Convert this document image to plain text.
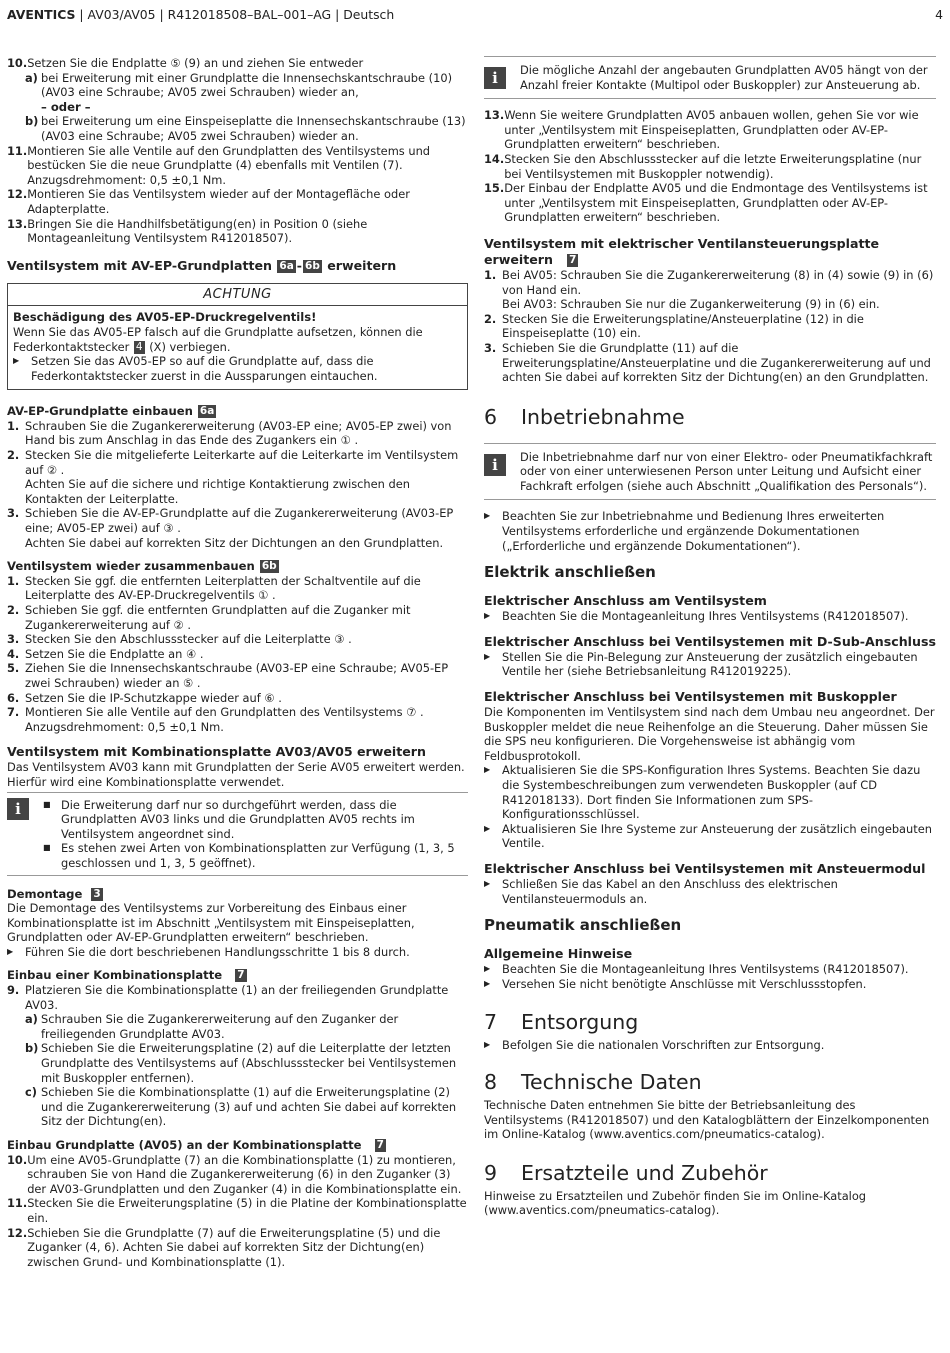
AVENTICS | AV03/AV05 | R412018508–BAL–001–AG | Deutsch	4
10. Setzen Sie die Endplatte ⑤ (9) an und ziehen Sie entweder
a) bei Erweiterung mit einer Grundplatte die Innensechskantschraube (10)
(AV03 eine Schraube; AV05 zwei Schrauben) wieder an,
– oder –
b) bei Erweiterung um eine Einspeiseplatte die Innensechskantschraube (13)
(AV03 eine Schraube; AV05 zwei Schrauben) wieder an.
11. Montieren Sie alle Ventile auf den Grundplatten des Ventilsystems und bestücken Sie die neue Grundplatte (4) ebenfalls mit Ventilen (7).
Anzugsdrehmoment: 0,5 ±0,1 Nm.
12. Montieren Sie das Ventilsystem wieder auf der Montagefläche oder Adapterplatte.
13. Bringen Sie die Handhilfsbetätigung(en) in Position 0 (siehe Montageanleitung Ventilsystem R412018507).
Ventilsystem mit AV-EP-Grundplatten 6a - 6b erweitern
ACHTUNG
Beschädigung des AV05-EP-Druckregelventils!
Wenn Sie das AV05-EP falsch auf die Grundplatte aufsetzen, können die Federkontaktstecker 4 (X) verbiegen.
▶	Setzen Sie das AV05-EP so auf die Grundplatte auf, dass die Federkontaktstecker zuerst in die Aussparungen eintauchen.
AV-EP-Grundplatte einbauen 6a
1. Schrauben Sie die Zugankererweiterung (AV03-EP eine; AV05-EP zwei) von Hand bis zum Anschlag in das Ende des Zugankers ein ① .
2. Stecken Sie die mitgelieferte Leiterkarte auf die Leiterkarte im Ventilsystem auf ② .
Achten Sie auf die sichere und richtige Kontaktierung zwischen den Kontakten der Leiterplatte.
3. Schieben Sie die AV-EP-Grundplatte auf die Zugankererweiterung (AV03-EP eine; AV05-EP zwei) auf ③ .
Achten Sie dabei auf korrekten Sitz der Dichtungen an den Grundplatten.
Ventilsystem wieder zusammenbauen 6b
1. Stecken Sie ggf. die entfernten Leiterplatten der Schaltventile auf die Leiterplatte des AV-EP-Druckregelventils ① .
2. Schieben Sie ggf. die entfernten Grundplatten auf die Zuganker mit Zugankererweiterung auf ② .
3. Stecken Sie den Abschlussstecker auf die Leiterplatte ③ .
4. Setzen Sie die Endplatte an ④ .
5. Ziehen Sie die Innensechskantschraube (AV03-EP eine Schraube; AV05-EP zwei Schrauben) wieder an ⑤ .
6. Setzen Sie die IP-Schutzkappe wieder auf ⑥ .
7. Montieren Sie alle Ventile auf den Grundplatten des Ventilsystems ⑦ .
Anzugsdrehmoment: 0,5 ±0,1 Nm.
Ventilsystem mit Kombinationsplatte AV03/AV05 erweitern
Das Ventilsystem AV03 kann mit Grundplatten der Serie AV05 erweitert werden. Hierfür wird eine Kombinationsplatte verwendet.
i	■ Die Erweiterung darf nur so durchgeführt werden, dass die Grundplatten AV03 links und die Grundplatten AV05 rechts im Ventilsystem angeordnet sind.
■ Es stehen zwei Arten von Kombinationsplatten zur Verfügung (1, 3, 5 geschlossen und 1, 3, 5 geöffnet).
Demontage 3
Die Demontage des Ventilsystems zur Vorbereitung des Einbaus einer Kombinationsplatte ist im Abschnitt „Ventilsystem mit Einspeiseplatten, Grundplatten oder AV-EP-Grundplatten erweitern“ beschrieben.
▶	Führen Sie die dort beschriebenen Handlungsschritte 1 bis 8 durch.
Einbau einer Kombinationsplatte 7
9. Platzieren Sie die Kombinationsplatte (1) an der freiliegenden Grundplatte AV03.
a) Schrauben Sie die Zugankererweiterung auf den Zuganker der freiliegenden Grundplatte AV03.
b) Schieben Sie die Erweiterungsplatine (2) auf die Leiterplatte der letzten Grundplatte des Ventilsystems auf (Abschlussstecker bei Ventilsystemen mit Buskoppler entfernen).
c) Schieben Sie die Kombinationsplatte (1) auf die Erweiterungsplatine (2) und die Zugankererweiterung (3) auf und achten Sie dabei auf korrekten Sitz der Dichtung(en).
Einbau Grundplatte (AV05) an der Kombinationsplatte 7
10. Um eine AV05-Grundplatte (7) an die Kombinationsplatte (1) zu montieren, schrauben Sie von Hand die Zugankererweiterung (6) in den Zuganker (3) der AV03-Grundplatten und den Zuganker (4) in die Kombinationsplatte ein.
11. Stecken Sie die Erweiterungsplatine (5) in die Platine der Kombinationsplatte ein.
12. Schieben Sie die Grundplatte (7) auf die Erweiterungsplatine (5) und die Zuganker (4, 6). Achten Sie dabei auf korrekten Sitz der Dichtung(en) zwischen Grund- und Kombinationsplatte (1).
i	Die mögliche Anzahl der angebauten Grundplatten AV05 hängt von der Anzahl freier Kontakte (Multipol oder Buskoppler) zur Ansteuerung ab.
13. Wenn Sie weitere Grundplatten AV05 anbauen wollen, gehen Sie vor wie unter „Ventilsystem mit Einspeiseplatten, Grundplatten oder AV-EP-Grundplatten erweitern“ beschrieben.
14. Stecken Sie den Abschlussstecker auf die letzte Erweiterungsplatine (nur bei Ventilsystemen mit Buskoppler notwendig).
15. Der Einbau der Endplatte AV05 und die Endmontage des Ventilsystems ist unter „Ventilsystem mit Einspeiseplatten, Grundplatten oder AV-EP-Grundplatten erweitern“ beschrieben.
Ventilsystem mit elektrischer Ventilansteuerungsplatte erweitern 7
1. Bei AV05: Schrauben Sie die Zugankererweiterung (8) in (4) sowie (9) in (6) von Hand ein.
Bei AV03: Schrauben Sie nur die Zugankerweiterung (9) in (6) ein.
2. Stecken Sie die Erweiterungsplatine/Ansteuerplatine (12) in die Einspeiseplatte (10) ein.
3. Schieben Sie die Grundplatte (11) auf die Erweiterungsplatine/Ansteuerplatine und die Zugankererweiterung auf und achten Sie dabei auf korrekten Sitz der Dichtung(en) an den Grundplatten.
6	Inbetriebnahme
i	Die Inbetriebnahme darf nur von einer Elektro- oder Pneumatikfachkraft oder von einer unterwiesenen Person unter Leitung und Aufsicht einer Fachkraft erfolgen (siehe auch Abschnitt „Qualifikation des Personals“).
▶	Beachten Sie zur Inbetriebnahme und Bedienung Ihres erweiterten Ventilsystems erforderliche und ergänzende Dokumentationen („Erforderliche und ergänzende Dokumentationen“).
Elektrik anschließen
Elektrischer Anschluss am Ventilsystem
▶	Beachten Sie die Montageanleitung Ihres Ventilsystems (R412018507).
Elektrischer Anschluss bei Ventilsystemen mit D-Sub-Anschluss
▶	Stellen Sie die Pin-Belegung zur Ansteuerung der zusätzlich eingebauten Ventile her (siehe Betriebsanleitung R412019225).
Elektrischer Anschluss bei Ventilsystemen mit Buskoppler
Die Komponenten im Ventilsystem sind nach dem Umbau neu angeordnet. Der Buskoppler meldet die neue Reihenfolge an die Steuerung. Daher müssen Sie die SPS neu konfigurieren. Die Vorgehensweise ist abhängig vom Feldbusprotokoll.
▶	Aktualisieren Sie die SPS-Konfiguration Ihres Systems. Beachten Sie dazu die Systembeschreibungen zum verwendeten Buskoppler (auf CD R412018133). Dort finden Sie Informationen zum SPS-Konfigurationsschlüssel.
▶	Aktualisieren Sie Ihre Systeme zur Ansteuerung der zusätzlich eingebauten Ventile.
Elektrischer Anschluss bei Ventilsystemen mit Ansteuermodul
▶	Schließen Sie das Kabel an den Anschluss des elektrischen Ventilansteuermoduls an.
Pneumatik anschließen
Allgemeine Hinweise
▶	Beachten Sie die Montageanleitung Ihres Ventilsystems (R412018507).
▶	Versehen Sie nicht benötigte Anschlüsse mit Verschlussstopfen.
7	Entsorgung
▶	Befolgen Sie die nationalen Vorschriften zur Entsorgung.
8	Technische Daten
Technische Daten entnehmen Sie bitte der Betriebsanleitung des Ventilsystems (R412018507) und den Katalogblättern der Einzelkomponenten im Online-Katalog (www.aventics.com/pneumatics-catalog).
9	Ersatzteile und Zubehör
Hinweise zu Ersatzteilen und Zubehör finden Sie im Online-Katalog (www.aventics.com/pneumatics-catalog).
